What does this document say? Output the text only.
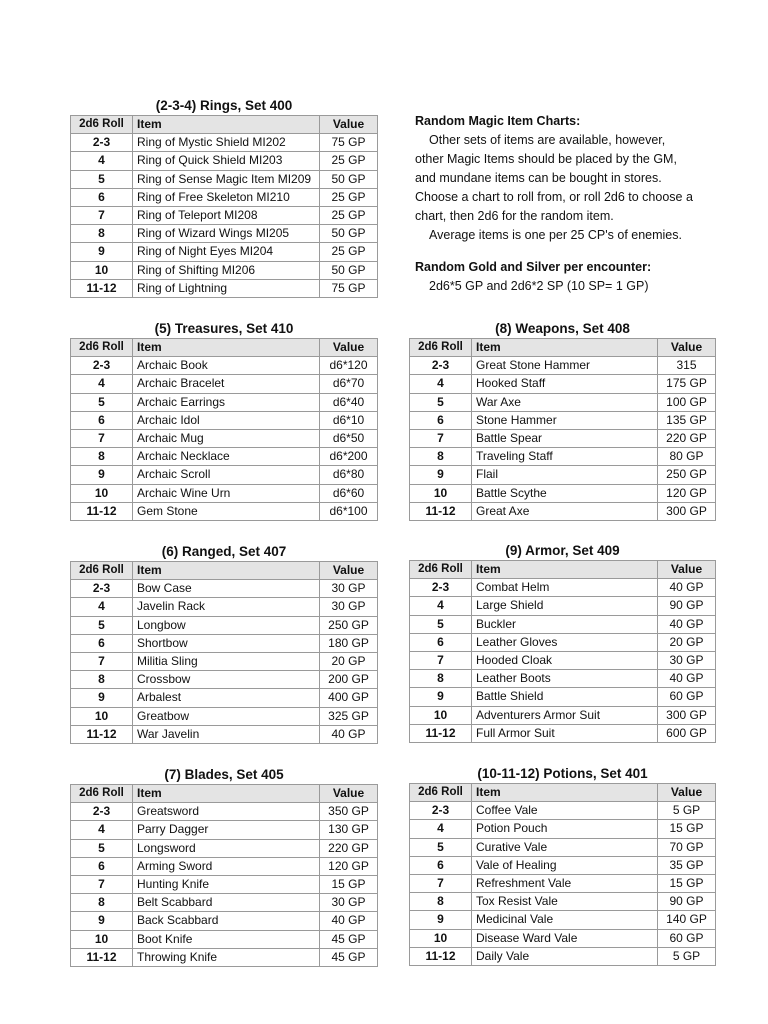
(2-3-4) Rings, Set 400
2d6 Roll	Item	Value
2-3	Ring of Mystic Shield MI202	75 GP
4	Ring of Quick Shield MI203	25 GP
5	Ring of Sense Magic Item MI209	50 GP
6	Ring of Free Skeleton MI210	25 GP
7	Ring of Teleport MI208	25 GP
8	Ring of Wizard Wings MI205	50 GP
9	Ring of Night Eyes MI204	25 GP
10	Ring of Shifting MI206	50 GP
11-12	Ring of Lightning	75 GP
(5) Treasures, Set 410
2d6 Roll	Item	Value
2-3	Archaic Book	d6*120
4	Archaic Bracelet	d6*70
5	Archaic Earrings	d6*40
6	Archaic Idol	d6*10
7	Archaic Mug	d6*50
8	Archaic Necklace	d6*200
9	Archaic Scroll	d6*80
10	Archaic Wine Urn	d6*60
11-12	Gem Stone	d6*100
(8) Weapons, Set 408
2d6 Roll	Item	Value
2-3	Great Stone Hammer	315
4	Hooked Staff	175 GP
5	War Axe	100 GP
6	Stone Hammer	135 GP
7	Battle Spear	220 GP
8	Traveling Staff	80 GP
9	Flail	250 GP
10	Battle Scythe	120 GP
11-12	Great Axe	300 GP
(6) Ranged, Set 407
2d6 Roll	Item	Value
2-3	Bow Case	30 GP
4	Javelin Rack	30 GP
5	Longbow	250 GP
6	Shortbow	180 GP
7	Militia Sling	20 GP
8	Crossbow	200 GP
9	Arbalest	400 GP
10	Greatbow	325 GP
11-12	War Javelin	40 GP
(9) Armor, Set 409
2d6 Roll	Item	Value
2-3	Combat Helm	40 GP
4	Large Shield	90 GP
5	Buckler	40 GP
6	Leather Gloves	20 GP
7	Hooded Cloak	30 GP
8	Leather Boots	40 GP
9	Battle Shield	60 GP
10	Adventurers Armor Suit	300 GP
11-12	Full Armor Suit	600 GP
(7) Blades, Set 405
2d6 Roll	Item	Value
2-3	Greatsword	350 GP
4	Parry Dagger	130 GP
5	Longsword	220 GP
6	Arming Sword	120 GP
7	Hunting Knife	15 GP
8	Belt Scabbard	30 GP
9	Back Scabbard	40 GP
10	Boot Knife	45 GP
11-12	Throwing Knife	45 GP
(10-11-12) Potions, Set 401
2d6 Roll	Item	Value
2-3	Coffee Vale	5 GP
4	Potion Pouch	15 GP
5	Curative Vale	70 GP
6	Vale of Healing	35 GP
7	Refreshment Vale	15 GP
8	Tox Resist Vale	90 GP
9	Medicinal Vale	140 GP
10	Disease Ward Vale	60 GP
11-12	Daily Vale	5 GP
Random Magic Item Charts:
Other sets of items are available, however,
other Magic Items should be placed by the GM,
and mundane items can be bought in stores.
Choose a chart to roll from, or roll 2d6 to choose a
chart, then 2d6 for the random item.
Average items is one per 25 CP's of enemies.
Random Gold and Silver per encounter:
2d6*5 GP and 2d6*2 SP (10 SP= 1 GP)
